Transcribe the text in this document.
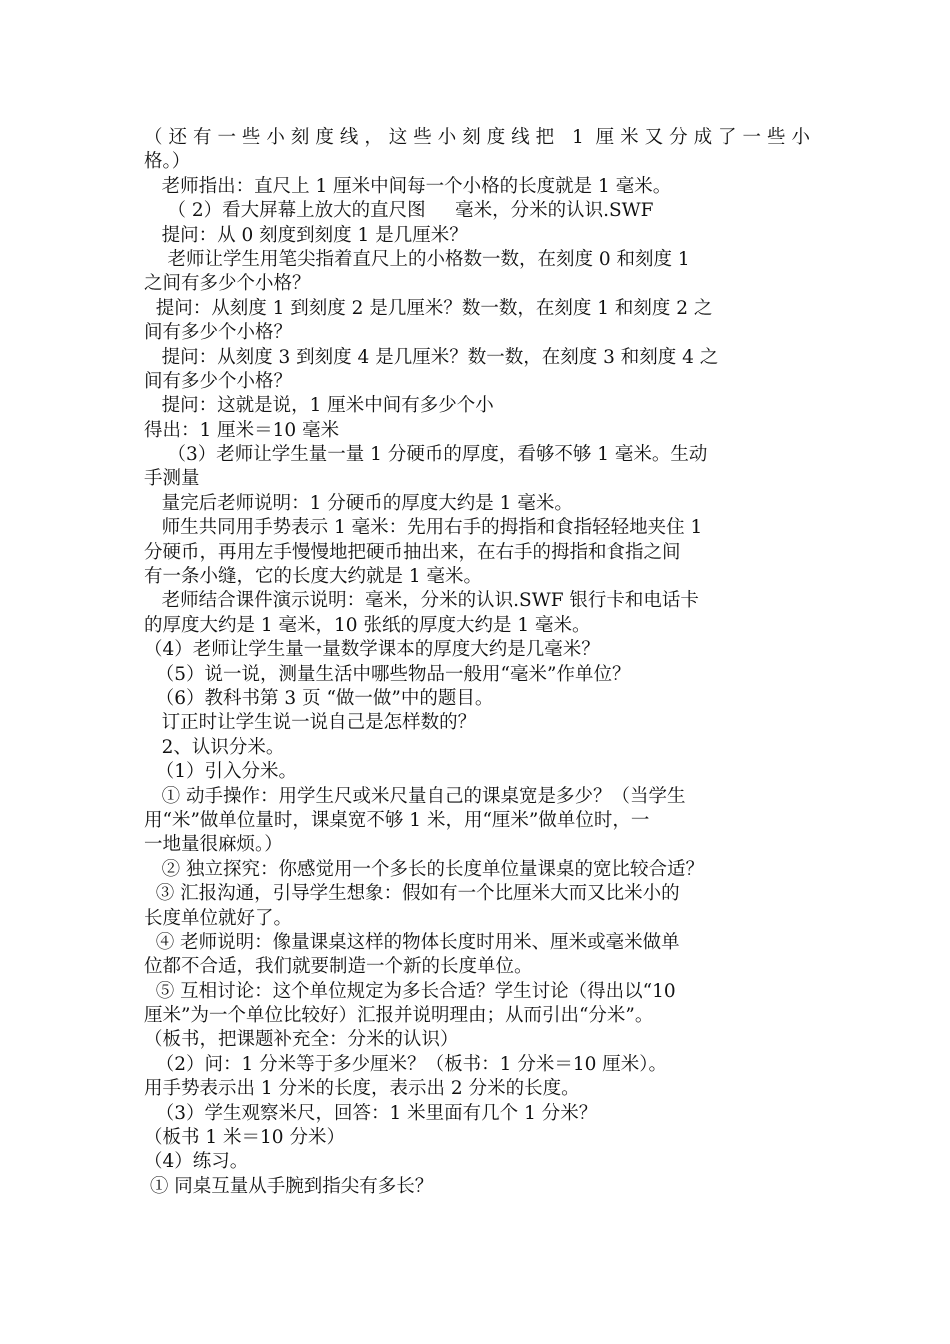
（还有一些小刻度线，这些小刻度线把 1 厘米又分成了一些小
格。）
老师指出：直尺上 1 厘米中间每一个小格的长度就是 1 毫米。
（ 2）看大屏幕上放大的直尺图     毫米，分米的认识.SWF
提问：从 0 刻度到刻度 1 是几厘米？
老师让学生用笔尖指着直尺上的小格数一数，在刻度 0 和刻度 1
之间有多少个小格？
提问：从刻度 1 到刻度 2 是几厘米？数一数，在刻度 1 和刻度 2 之
间有多少个小格？
提问：从刻度 3 到刻度 4 是几厘米？数一数，在刻度 3 和刻度 4 之
间有多少个小格？
提问：这就是说，1 厘米中间有多少个小
得出：1 厘米＝10 毫米
（3）老师让学生量一量 1 分硬币的厚度，看够不够 1 毫米。生动
手测量
量完后老师说明：1 分硬币的厚度大约是 1 毫米。
师生共同用手势表示 1 毫米：先用右手的拇指和食指轻轻地夹住 1
分硬币，再用左手慢慢地把硬币抽出来，在右手的拇指和食指之间
有一条小缝，它的长度大约就是 1 毫米。
老师结合课件演示说明：毫米，分米的认识.SWF 银行卡和电话卡
的厚度大约是 1 毫米，10 张纸的厚度大约是 1 毫米。
（4）老师让学生量一量数学课本的厚度大约是几毫米？
（5）说一说，测量生活中哪些物品一般用“毫米”作单位？
（6）教科书第 3 页 “做一做”中的题目。
订正时让学生说一说自己是怎样数的？
2、认识分米。
（1）引入分米。
① 动手操作：用学生尺或米尺量自己的课桌宽是多少？（当学生
用“米”做单位量时，课桌宽不够 1 米，用“厘米”做单位时，一
一地量很麻烦。）
② 独立探究：你感觉用一个多长的长度单位量课桌的宽比较合适？
③ 汇报沟通，引导学生想象：假如有一个比厘米大而又比米小的
长度单位就好了。
④ 老师说明：像量课桌这样的物体长度时用米、厘米或毫米做单
位都不合适，我们就要制造一个新的长度单位。
⑤ 互相讨论：这个单位规定为多长合适？学生讨论（得出以“10
厘米”为一个单位比较好）汇报并说明理由；从而引出“分米”。
（板书，把课题补充全：分米的认识）
（2）问：1 分米等于多少厘米？（板书：1 分米＝10 厘米）。
用手势表示出 1 分米的长度，表示出 2 分米的长度。
（3）学生观察米尺，回答：1 米里面有几个 1 分米？
（板书 1 米＝10 分米）
（4）练习。
① 同桌互量从手腕到指尖有多长？
